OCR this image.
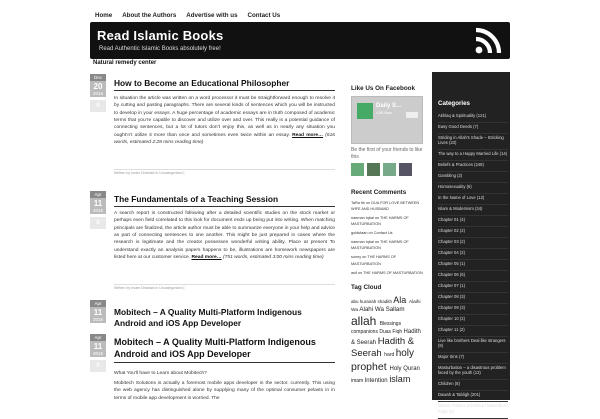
Home	About the Authors	Advertise with us	Contact Us
Read Islamic Books
Read Authentic Islamic Books absolutely free!
Natural remedy center
Dec
20
2016
0
How to Become an Educational Philosopher
In situation the article was written on a word processor it must be straightforward enough to resolve it by cutting and pasting paragraphs. There are several kinds of sentences which you will be instructed to develop in your essays. A huge percentage of academic essays are in truth composed of academic terms that you’re capable to discover and utilize over and over. This really is a potential guidance of connecting sentences, but a lot of tutors don’t enjoy this, as well as in nearly any situation you ought’n’t utilize it more than once and sometimes even twice within an essay. Read more… (616 words, estimated 2:28 mins reading time)
Written by Imam Dhahabi in Uncategorized |
Apr
11
2016
0
The Fundamentals of a Teaching Session
A search report is constructed following after a detailed scientific studies on the stock market or perhaps even field correlated to this look for document ends up being put into writing. When matching principals are finalized, the article author must be able to summarize everyone in your help and advice as part of connecting sentences to one another. This might be just prepared in cases where the research is legitimate and the creator possesses wonderful writing ability. Place at present To understand exactly an analysis papers happens to be, illustrations are homework newspapers are listed here at our customer service. Read more… (751 words, estimated 3:00 mins reading time)
Written by Imam Dhahabi in Uncategorized |
Apr
11
2016
Mobitech – A Quality Multi-Platform Indigenous Android and iOS App Developer
Apr
11
2016
0
Mobitech – A Quality Multi-Platform Indigenous Android and iOS App Developer
What You'll have to Learn about Mobitech?
Mobitech Solutions is actually a foremost mobile apps developer in the sector. currently. This using the web agency has distinguished alone by supplying many of the optimal consumer pelasts in in terms of mobile app development is worried. The
Like Us On Facebook
Daily S...
4.5K likes
Be the first of your friends to like this
Recent Comments
TaRa fle on DUA FOR LOVE BETWEEN WIFE AND HUSBAND
naeman iqbal on THE HARMS OF MASTURBATION
goldsfaan on Contact Us
naeman iqbal on THE HARMS OF MASTURBATION
sunny on THE HARMS OF MASTURBATION
asif on THE HARMS OF MASTURBATION
Tag Cloud
abu hurairah shadith Ala Alaihi Wa Alahi Wa Sallam allah Blessings companions Duas Fiqh Hadith & Seerah Hadith & Seerah hard holy prophet Holy Quran imam Intention islam
Categories
Akhlaq & Spirituality (121)
Easy Good Deeds (7)
Striding in Allah's Shade – Stricking Lives (23)
The way to a Happy Married Life (14)
Beliefs & Practices (248)
Gambling (2)
Homosexuality (6)
In the Name of Love (12)
Islam & Modernism (34)
Chapter 01 (4)
Chapter 02 (2)
Chapter 03 (2)
Chapter 04 (2)
Chapter 05 (1)
Chapter 06 (6)
Chapter 07 (1)
Chapter 08 (3)
Chapter 09 (3)
Chapter 10 (2)
Chapter 11 (2)
Live like brothers Deal like strangers (9)
Major Sins (7)
Masturbation – a disastrous problem faced by the youth (13)
Children (8)
Dawah & Tabligh (201)
Islamic Politics (Al-Ehkal f Manafib el Fiqh) (5)
